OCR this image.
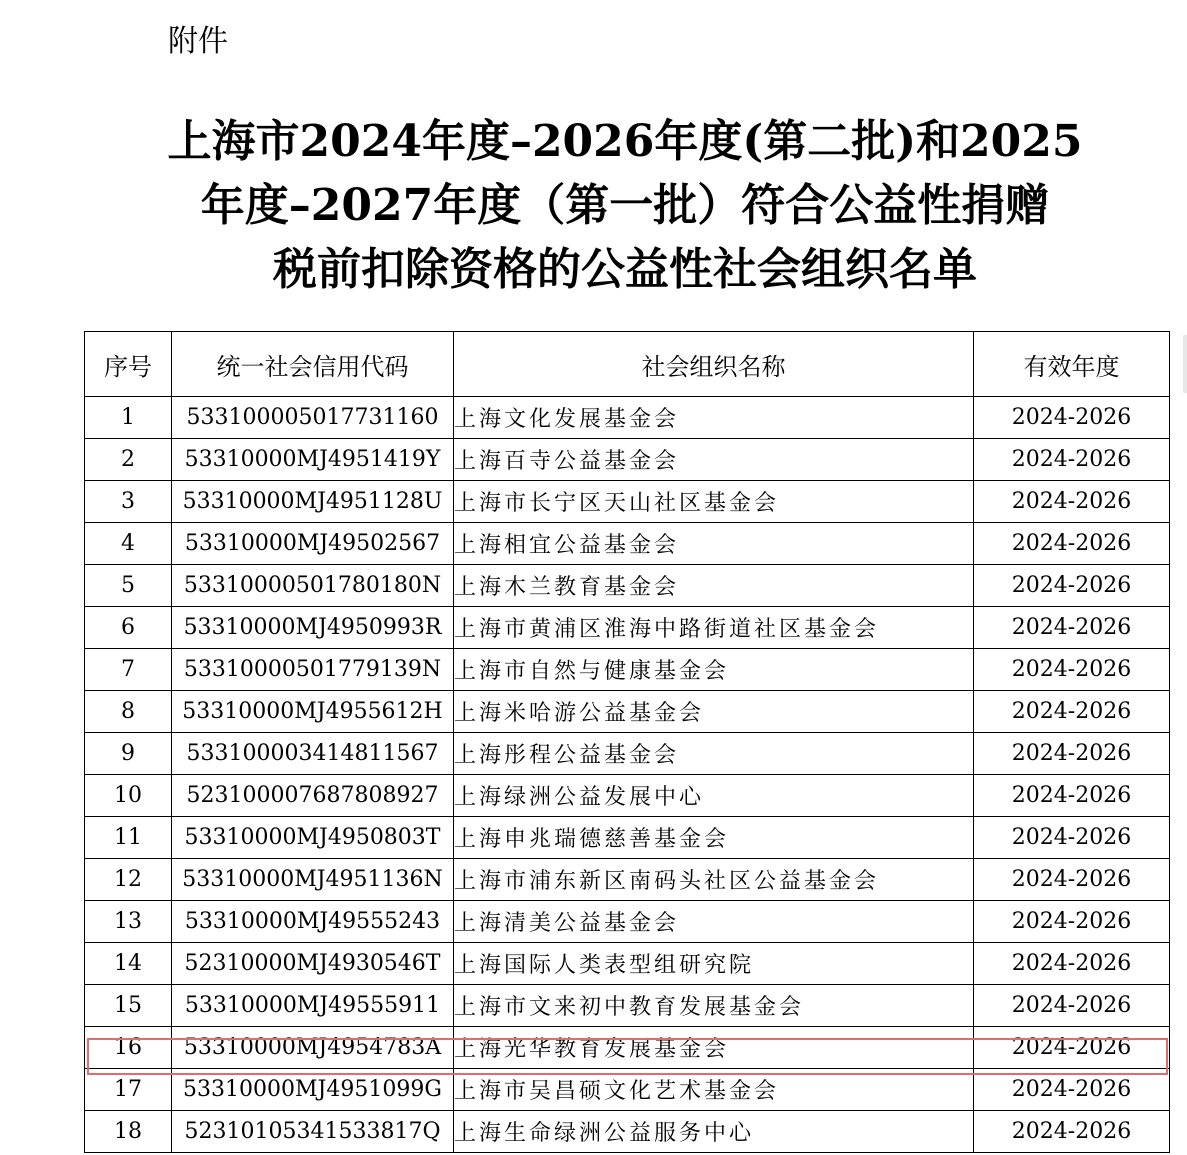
附件
上海市2024年度–2026年度(第二批)和2025
年度–2027年度（第一批）符合公益性捐赠
税前扣除资格的公益性社会组织名单
序号	统一社会信用代码	社会组织名称	有效年度
1	533100005017731160	上海文化发展基金会	2024-2026
2	53310000MJ4951419Y	上海百寺公益基金会	2024-2026
3	53310000MJ4951128U	上海市长宁区天山社区基金会	2024-2026
4	53310000MJ49502567	上海相宜公益基金会	2024-2026
5	53310000501780180N	上海木兰教育基金会	2024-2026
6	53310000MJ4950993R	上海市黄浦区淮海中路街道社区基金会	2024-2026
7	53310000501779139N	上海市自然与健康基金会	2024-2026
8	53310000MJ4955612H	上海米哈游公益基金会	2024-2026
9	533100003414811567	上海彤程公益基金会	2024-2026
10	523100007687808927	上海绿洲公益发展中心	2024-2026
11	53310000MJ4950803T	上海申兆瑞德慈善基金会	2024-2026
12	53310000MJ4951136N	上海市浦东新区南码头社区公益基金会	2024-2026
13	53310000MJ49555243	上海清美公益基金会	2024-2026
14	52310000MJ4930546T	上海国际人类表型组研究院	2024-2026
15	53310000MJ49555911	上海市文来初中教育发展基金会	2024-2026
16	53310000MJ4954783A	上海光华教育发展基金会	2024-2026
17	53310000MJ4951099G	上海市吴昌硕文化艺术基金会	2024-2026
18	52310105341533817Q	上海生命绿洲公益服务中心	2024-2026
